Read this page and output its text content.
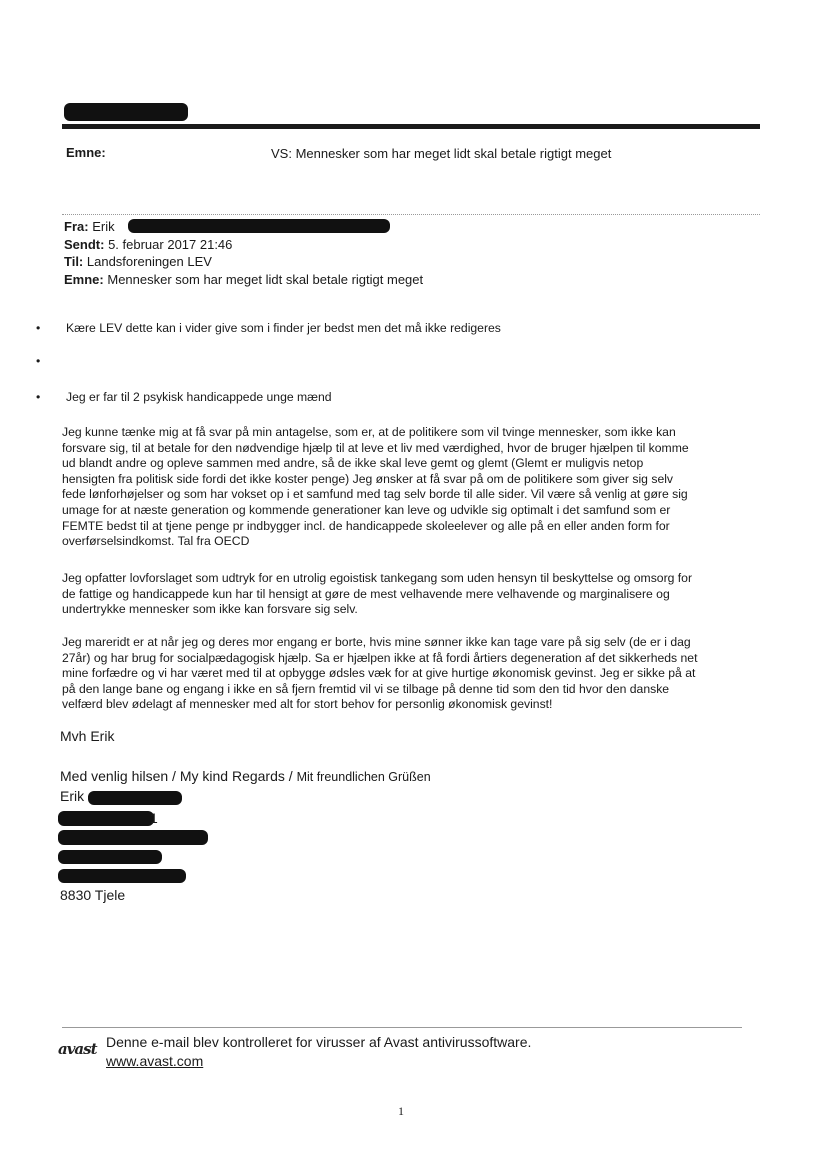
Emne:	VS: Mennesker som har meget lidt skal betale rigtigt meget
Fra: Erik
Sendt: 5. februar 2017 21:46
Til: Landsforeningen LEV
Emne: Mennesker som har meget lidt skal betale rigtigt meget
• Kære LEV dette kan i vider give som i finder jer bedst men det må ikke redigeres
•
• Jeg er far til 2 psykisk handicappede unge mænd
Jeg kunne tænke mig at få svar på min antagelse, som er, at de politikere som vil tvinge mennesker, som ikke kan
forsvare sig, til at betale for den nødvendige hjælp til at leve et liv med værdighed, hvor de bruger hjælpen til komme
ud blandt andre og opleve sammen med andre, så de ikke skal leve gemt og glemt (Glemt er muligvis netop
hensigten fra politisk side fordi det ikke koster penge) Jeg ønsker at få svar på om de politikere som giver sig selv
fede lønforhøjelser og som har vokset op i et samfund med tag selv borde til alle sider. Vil være så venlig at gøre sig
umage for at næste generation og kommende generationer kan leve og udvikle sig optimalt i det samfund som er
FEMTE bedst til at tjene penge pr indbygger incl. de handicappede skoleelever og alle på en eller anden form for
overførselsindkomst. Tal fra OECD
Jeg opfatter lovforslaget som udtryk for en utrolig egoistisk tankegang som uden hensyn til beskyttelse og omsorg for
de fattige og handicappede kun har til hensigt at gøre de mest velhavende mere velhavende og marginalisere og
undertrykke mennesker som ikke kan forsvare sig selv.
Jeg mareridt er at når jeg og deres mor engang er borte, hvis mine sønner ikke kan tage vare på sig selv (de er i dag
27år) og har brug for socialpædagogisk hjælp. Sa er hjælpen ikke at få fordi årtiers degeneration af det sikkerheds net
mine forfædre og vi har været med til at opbygge ødsles væk for at give hurtige økonomisk gevinst. Jeg er sikke på at
på den lange bane og engang i ikke en så fjern fremtid vil vi se tilbage på denne tid som den tid hvor den danske
velfærd blev ødelagt af mennesker med alt for stort behov for personlig økonomisk gevinst!
Mvh Erik
Med venlig hilsen / My kind Regards / Mit freundlichen Grüßen
Erik
1
8830 Tjele
avast Denne e-mail blev kontrolleret for virusser af Avast antivirussoftware.
www.avast.com
1
